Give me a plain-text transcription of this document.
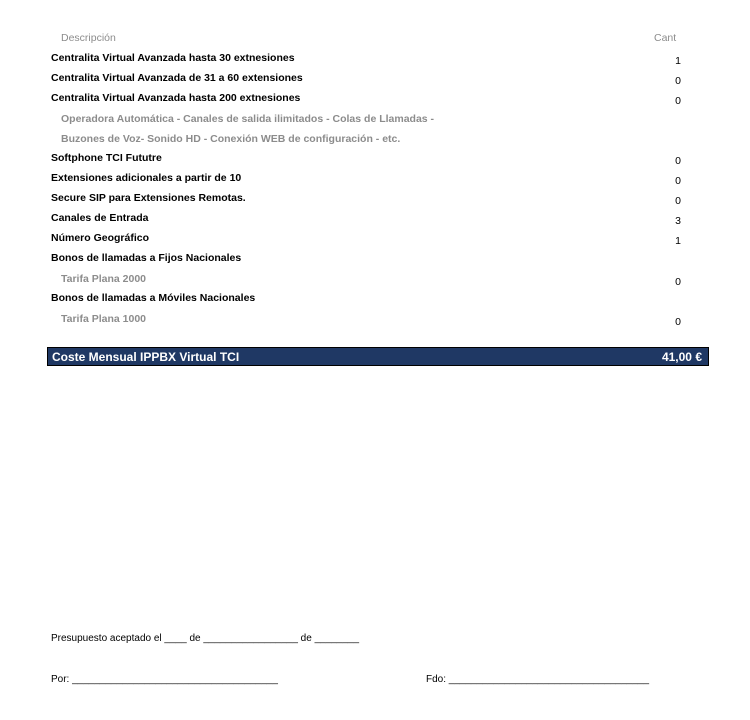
Descripción	Cant
Centralita Virtual Avanzada hasta 30 extnesiones	1
Centralita Virtual Avanzada de 31 a 60 extensiones	0
Centralita Virtual Avanzada hasta 200 extnesiones	0
Operadora Automática - Canales de salida ilimitados - Colas de Llamadas -
Buzones de Voz- Sonido HD - Conexión WEB de configuración - etc.
Softphone TCI Fututre	0
Extensiones adicionales a partir de 10	0
Secure SIP para Extensiones Remotas.	0
Canales de Entrada	3
Número Geográfico	1
Bonos de llamadas a Fijos Nacionales
Tarifa Plana 2000	0
Bonos de llamadas a Móviles Nacionales
Tarifa Plana 1000	0
Coste Mensual IPPBX Virtual TCI	41,00 €
Presupuesto aceptado el ____ de _________________ de ________
Por: _____________________________________	Fdo: ____________________________________
